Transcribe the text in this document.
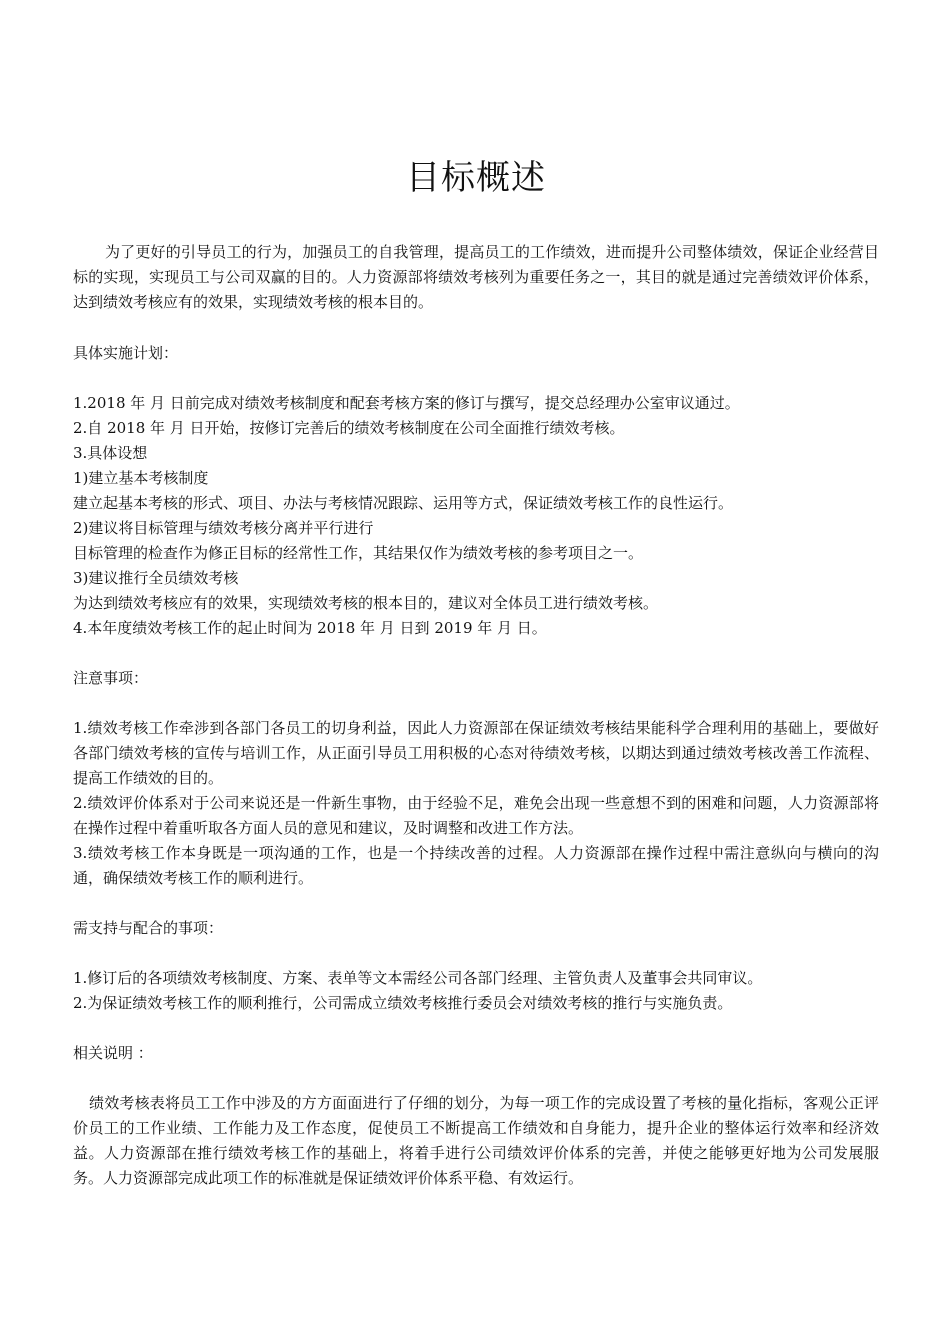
目标概述

为了更好的引导员工的行为，加强员工的自我管理，提高员工的工作绩效，进而提升公司整体绩效，保证企业经营目标的实现，实现员工与公司双赢的目的。人力资源部将绩效考核列为重要任务之一，其目的就是通过完善绩效评价体系，达到绩效考核应有的效果，实现绩效考核的根本目的。

具体实施计划：

1.2018 年 月 日前完成对绩效考核制度和配套考核方案的修订与撰写，提交总经理办公室审议通过。

2.自 2018 年 月 日开始，按修订完善后的绩效考核制度在公司全面推行绩效考核。

3.具体设想

1)建立基本考核制度

建立起基本考核的形式、项目、办法与考核情况跟踪、运用等方式，保证绩效考核工作的良性运行。

2)建议将目标管理与绩效考核分离并平行进行

目标管理的检查作为修正目标的经常性工作，其结果仅作为绩效考核的参考项目之一。

3)建议推行全员绩效考核

为达到绩效考核应有的效果，实现绩效考核的根本目的，建议对全体员工进行绩效考核。

4.本年度绩效考核工作的起止时间为 2018 年 月 日到 2019 年 月 日。

注意事项：

1.绩效考核工作牵涉到各部门各员工的切身利益，因此人力资源部在保证绩效考核结果能科学合理利用的基础上，要做好各部门绩效考核的宣传与培训工作，从正面引导员工用积极的心态对待绩效考核，以期达到通过绩效考核改善工作流程、提高工作绩效的目的。

2.绩效评价体系对于公司来说还是一件新生事物，由于经验不足，难免会出现一些意想不到的困难和问题，人力资源部将在操作过程中着重听取各方面人员的意见和建议，及时调整和改进工作方法。

3.绩效考核工作本身既是一项沟通的工作，也是一个持续改善的过程。人力资源部在操作过程中需注意纵向与横向的沟通，确保绩效考核工作的顺利进行。

需支持与配合的事项：

1.修订后的各项绩效考核制度、方案、表单等文本需经公司各部门经理、主管负责人及董事会共同审议。

2.为保证绩效考核工作的顺利推行，公司需成立绩效考核推行委员会对绩效考核的推行与实施负责。

相关说明 ：

绩效考核表将员工工作中涉及的方方面面进行了仔细的划分，为每一项工作的完成设置了考核的量化指标，客观公正评价员工的工作业绩、工作能力及工作态度，促使员工不断提高工作绩效和自身能力，提升企业的整体运行效率和经济效益。人力资源部在推行绩效考核工作的基础上，将着手进行公司绩效评价体系的完善，并使之能够更好地为公司发展服务。人力资源部完成此项工作的标准就是保证绩效评价体系平稳、有效运行。
